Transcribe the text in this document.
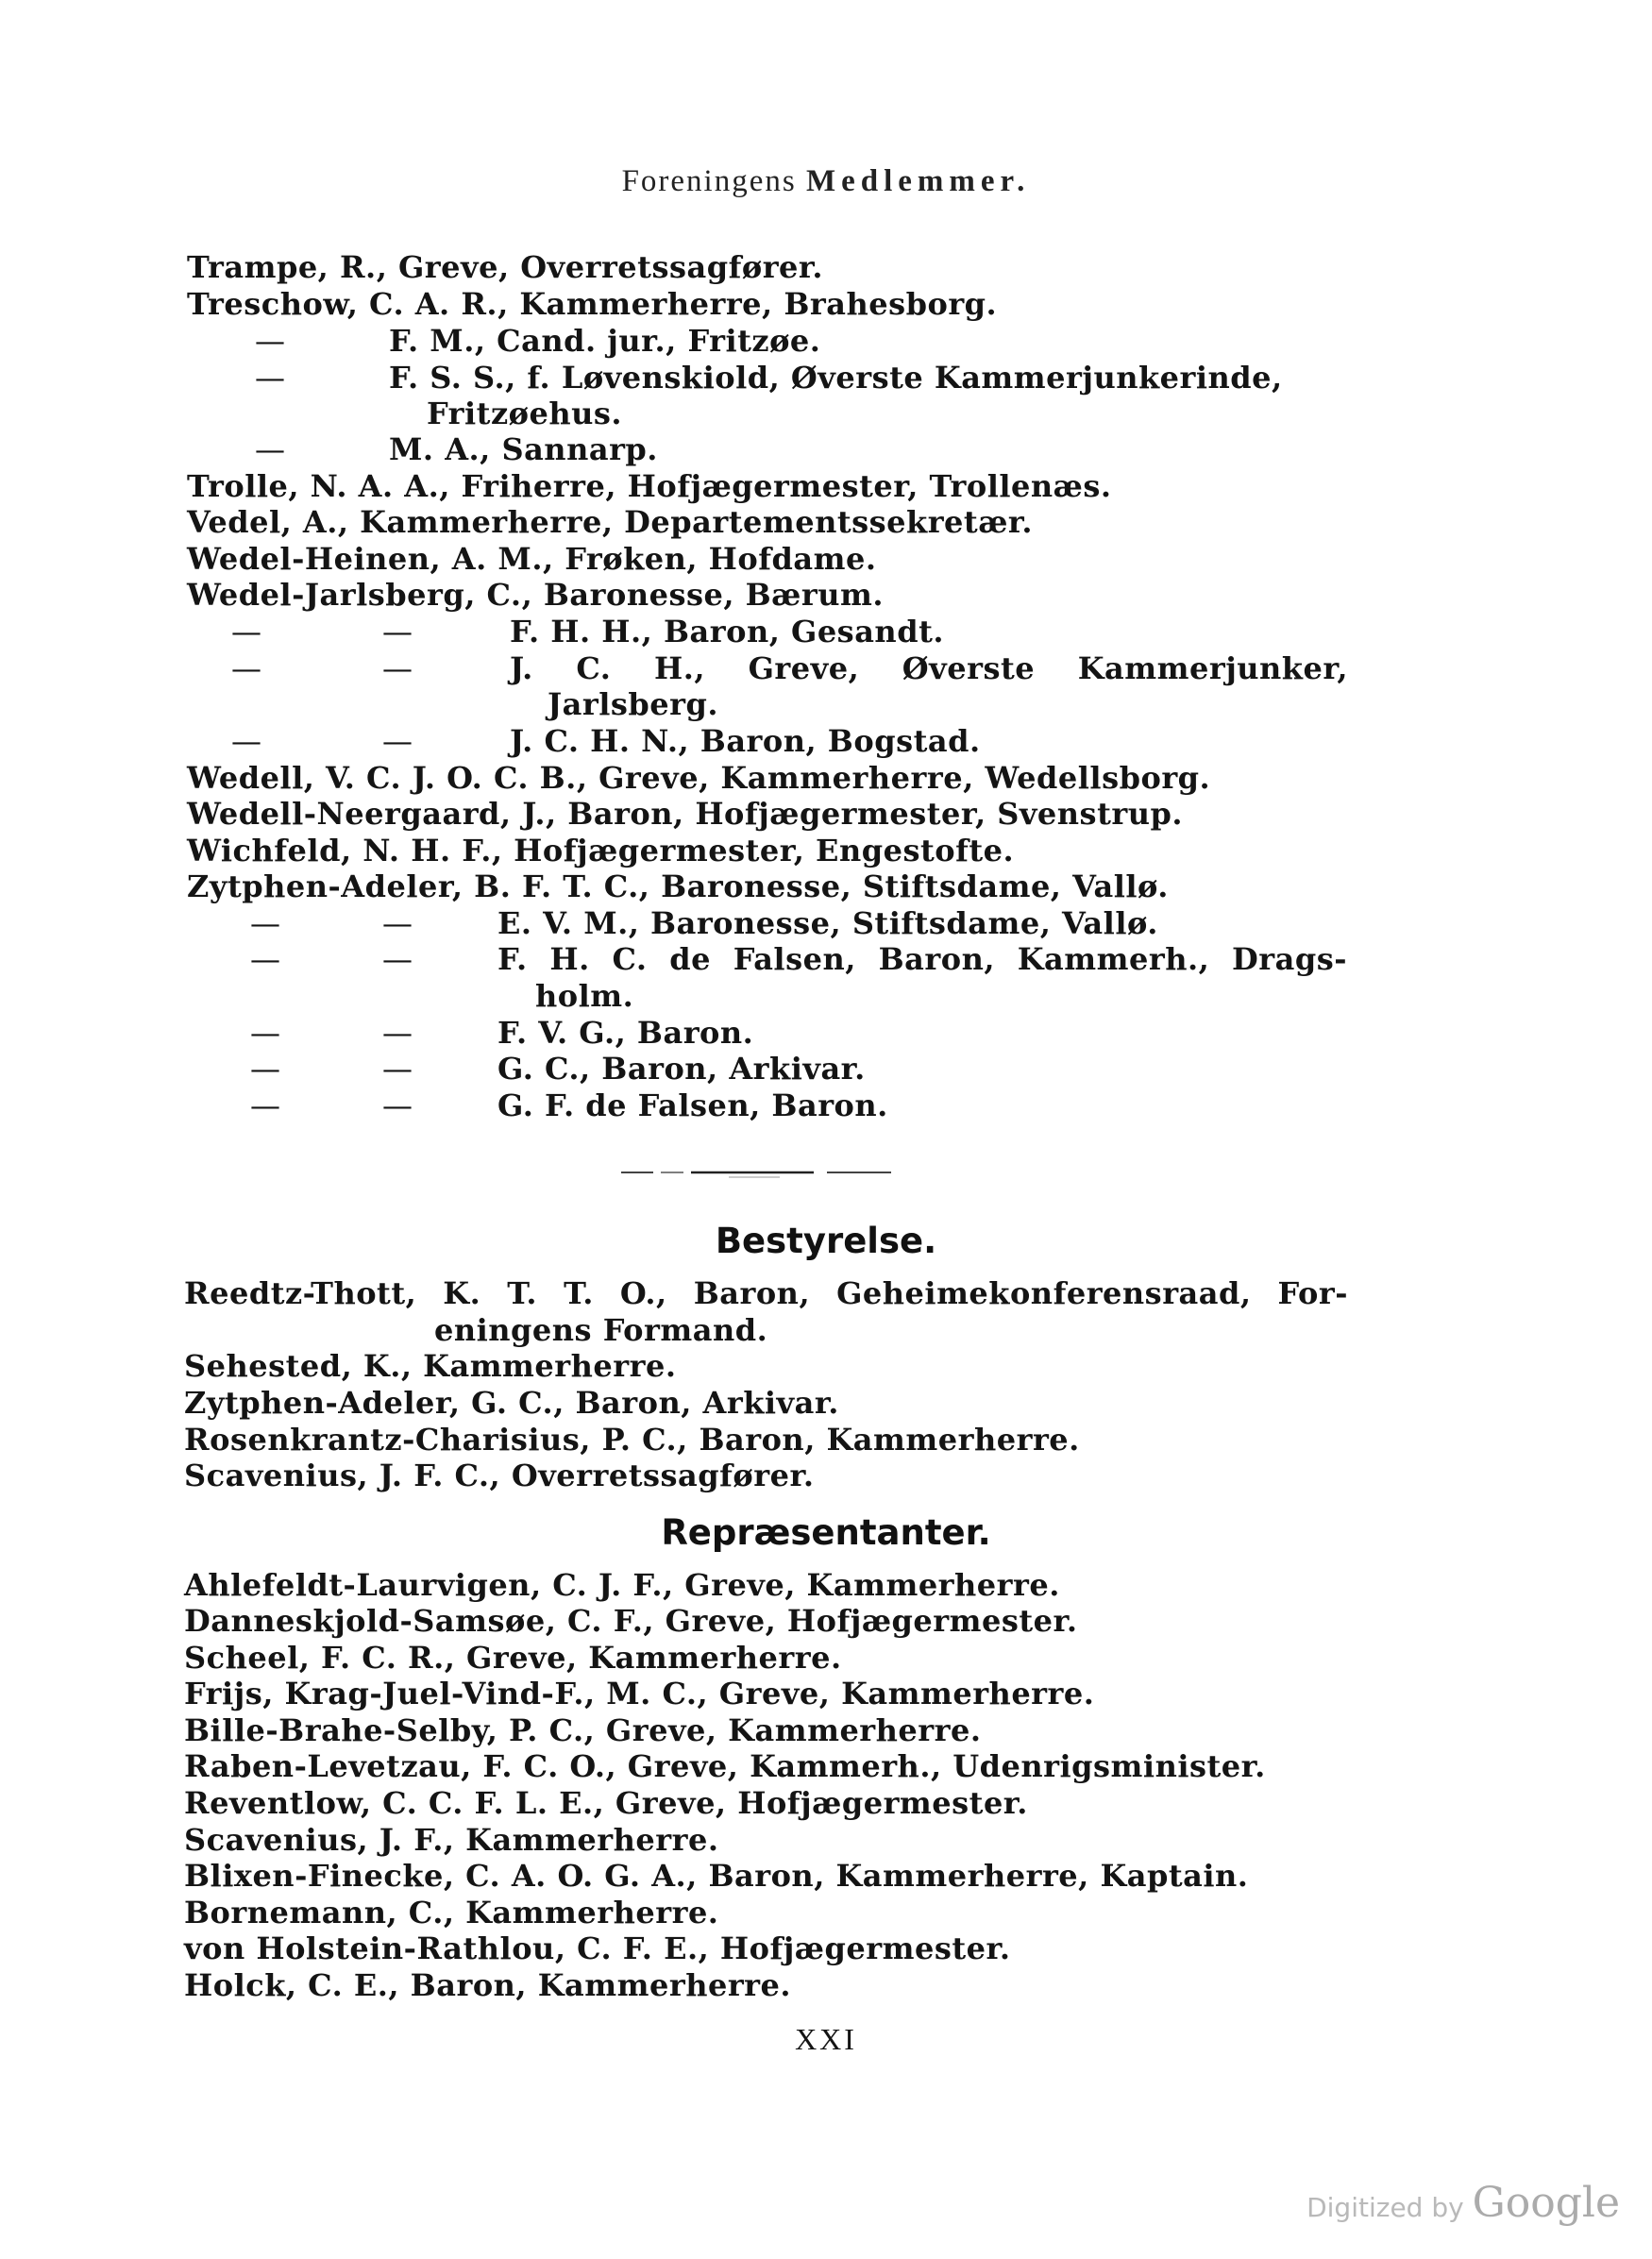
Foreningens Medlemmer.
Trampe, R., Greve, Overretssagfører.
Treschow, C. A. R., Kammerherre, Brahesborg.
—	F. M., Cand. jur., Fritzøe.
—	F. S. S., f. Løvenskiold, Øverste Kammerjunkerinde,
Fritzøehus.
—	M. A., Sannarp.
Trolle, N. A. A., Friherre, Hofjægermester, Trollenæs.
Vedel, A., Kammerherre, Departementssekretær.
Wedel-Heinen, A. M., Frøken, Hofdame.
Wedel-Jarlsberg, C., Baronesse, Bærum.
—	—	F. H. H., Baron, Gesandt.
—	—	J. C. H., Greve, Øverste Kammerjunker,
Jarlsberg.
—	—	J. C. H. N., Baron, Bogstad.
Wedell, V. C. J. O. C. B., Greve, Kammerherre, Wedellsborg.
Wedell-Neergaard, J., Baron, Hofjægermester, Svenstrup.
Wichfeld, N. H. F., Hofjægermester, Engestofte.
Zytphen-Adeler, B. F. T. C., Baronesse, Stiftsdame, Vallø.
—	—	E. V. M., Baronesse, Stiftsdame, Vallø.
—	—	F. H. C. de Falsen, Baron, Kammerh., Drags-
holm.
—	—	F. V. G., Baron.
—	—	G. C., Baron, Arkivar.
—	—	G. F. de Falsen, Baron.
Bestyrelse.
Reedtz-Thott, K. T. T. O., Baron, Geheimekonferensraad, For-
eningens Formand.
Sehested, K., Kammerherre.
Zytphen-Adeler, G. C., Baron, Arkivar.
Rosenkrantz-Charisius, P. C., Baron, Kammerherre.
Scavenius, J. F. C., Overretssagfører.
Repræsentanter.
Ahlefeldt-Laurvigen, C. J. F., Greve, Kammerherre.
Danneskjold-Samsøe, C. F., Greve, Hofjægermester.
Scheel, F. C. R., Greve, Kammerherre.
Frijs, Krag-Juel-Vind-F., M. C., Greve, Kammerherre.
Bille-Brahe-Selby, P. C., Greve, Kammerherre.
Raben-Levetzau, F. C. O., Greve, Kammerh., Udenrigsminister.
Reventlow, C. C. F. L. E., Greve, Hofjægermester.
Scavenius, J. F., Kammerherre.
Blixen-Finecke, C. A. O. G. A., Baron, Kammerherre, Kaptain.
Bornemann, C., Kammerherre.
von Holstein-Rathlou, C. F. E., Hofjægermester.
Holck, C. E., Baron, Kammerherre.
XXI
Digitized by Google
